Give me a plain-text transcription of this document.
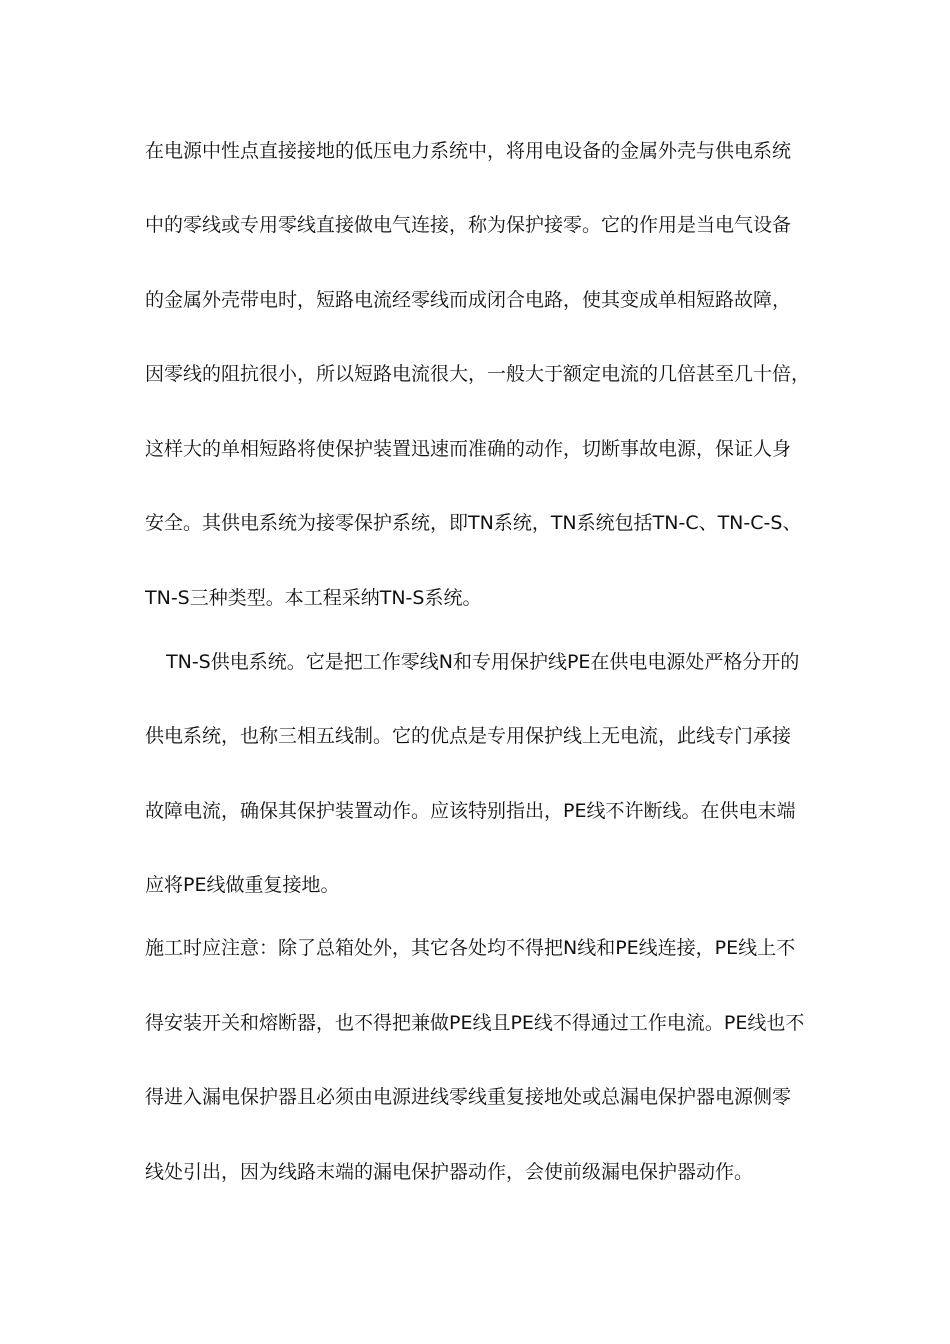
在电源中性点直接接地的低压电力系统中，将用电设备的金属外壳与供电系统
中的零线或专用零线直接做电气连接，称为保护接零。它的作用是当电气设备
的金属外壳带电时，短路电流经零线而成闭合电路，使其变成单相短路故障，
因零线的阻抗很小，所以短路电流很大，一般大于额定电流的几倍甚至几十倍，
这样大的单相短路将使保护装置迅速而准确的动作，切断事故电源，保证人身
安全。其供电系统为接零保护系统，即TN系统，TN系统包括TN-C、TN-C-S、
TN-S三种类型。本工程采纳TN-S系统。
TN-S供电系统。它是把工作零线N和专用保护线PE在供电电源处严格分开的
供电系统，也称三相五线制。它的优点是专用保护线上无电流，此线专门承接
故障电流，确保其保护装置动作。应该特别指出，PE线不许断线。在供电末端
应将PE线做重复接地。
施工时应注意：除了总箱处外，其它各处均不得把N线和PE线连接，PE线上不
得安装开关和熔断器，也不得把兼做PE线且PE线不得通过工作电流。PE线也不
得进入漏电保护器且必须由电源进线零线重复接地处或总漏电保护器电源侧零
线处引出，因为线路末端的漏电保护器动作，会使前级漏电保护器动作。
